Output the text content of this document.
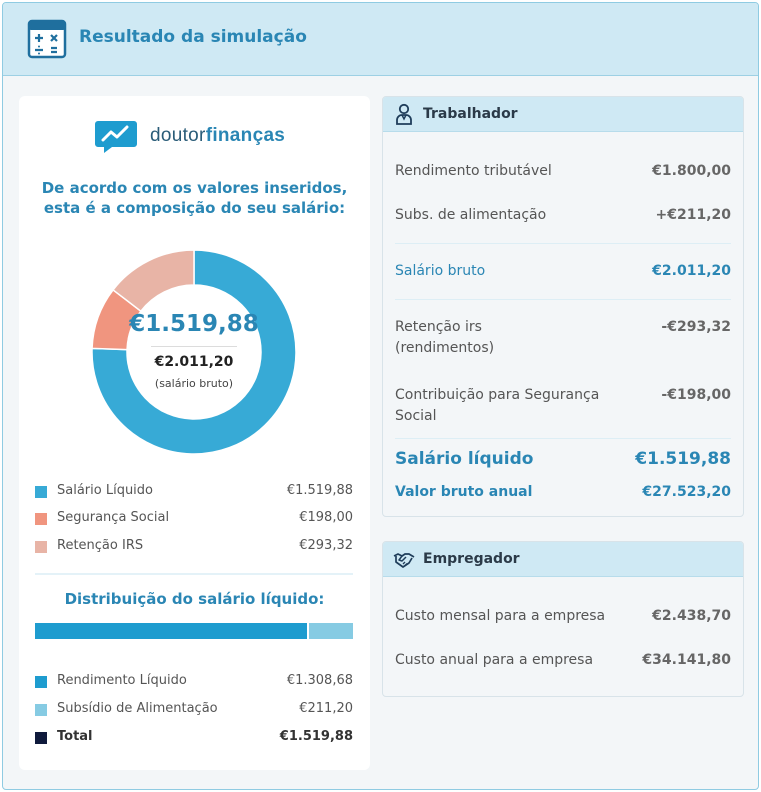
Resultado da simulação
doutorfinanças
De acordo com os valores inseridos, esta é a composição do seu salário:
€1.519,88
€2.011,20
(salário bruto)
Salário Líquido	€1.519,88
Segurança Social	€198,00
Retenção IRS	€293,32
Distribuição do salário líquido:
Rendimento Líquido	€1.308,68
Subsídio de Alimentação	€211,20
Total	€1.519,88
Trabalhador
Rendimento tributável	€1.800,00
Subs. de alimentação	+€211,20
Salário bruto	€2.011,20
Retenção irs
(rendimentos)
-€293,32
Contribuição para Segurança
Social
-€198,00
Salário líquido	€1.519,88
Valor bruto anual	€27.523,20
Empregador
Custo mensal para a empresa	€2.438,70
Custo anual para a empresa	€34.141,80
